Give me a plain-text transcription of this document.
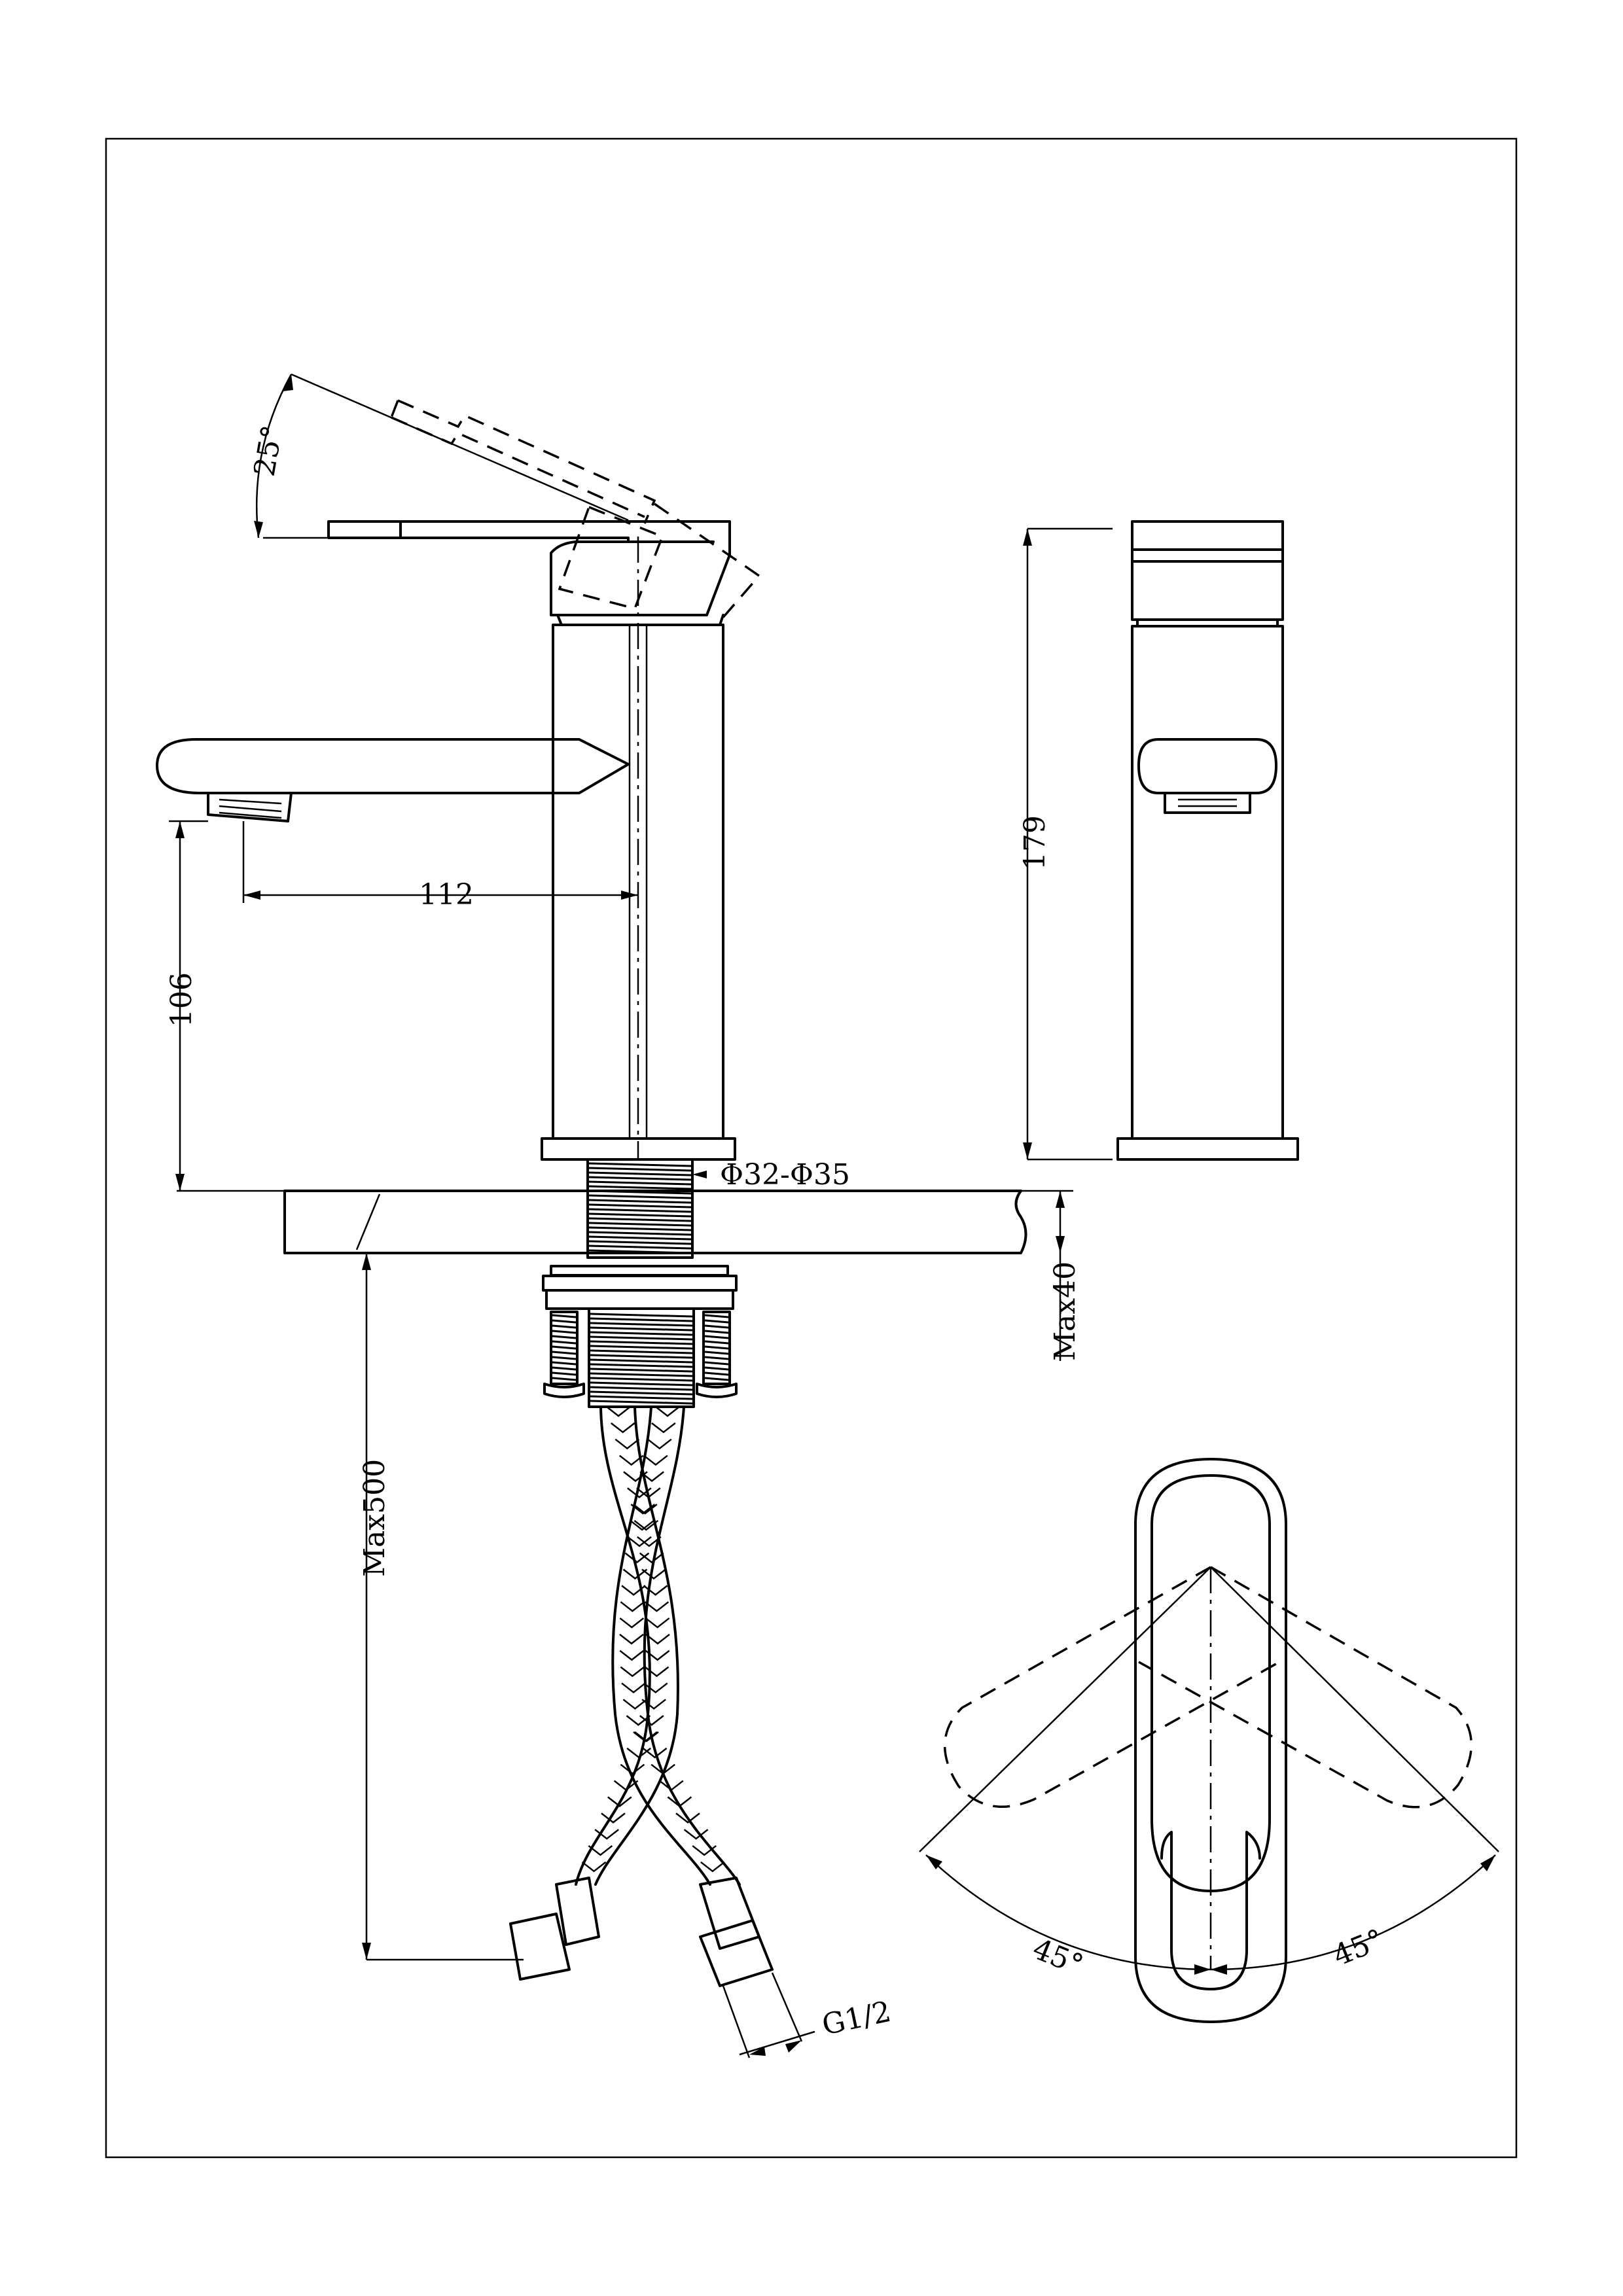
25°
112
106
Φ32-Φ35
Max40
Max500
G1/2
179
45°	45°
